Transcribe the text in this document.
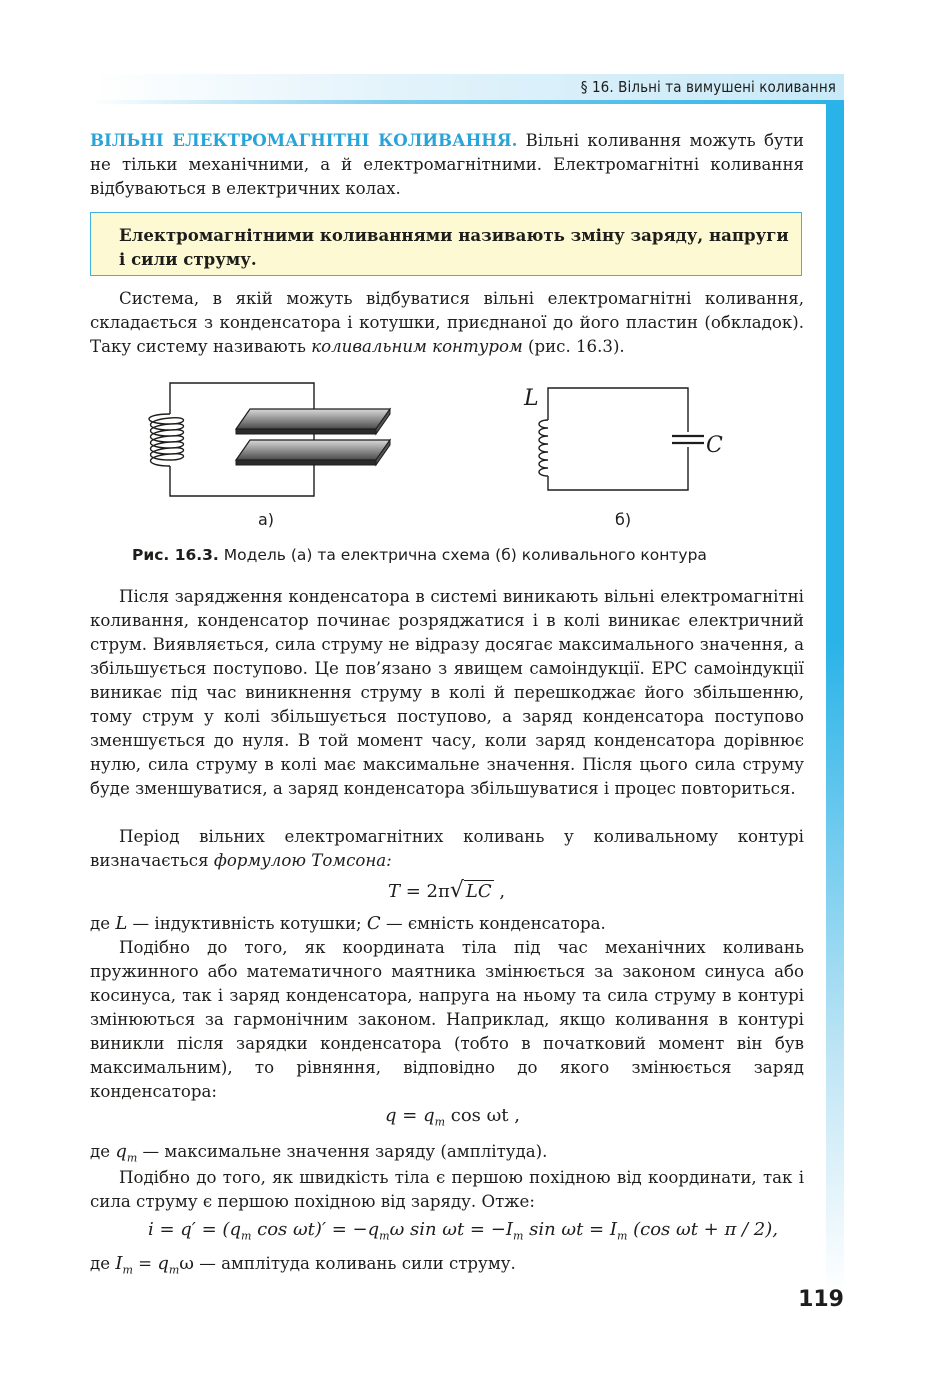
§ 16. Вільні та вимушені коливання
ВІЛЬНІ ЕЛЕКТРОМАГНІТНІ КОЛИВАННЯ. Вільні коливання можуть бути не тільки механічними, а й електромагнітними. Електромагнітні коливання відбуваються в електричних колах.
Електромагнітними коливаннями називають зміну заряду, напруги і сили струму.
Система, в якій можуть відбуватися вільні електромагнітні коливання, складається з конденсатора і котушки, приєднаної до його пластин (обкладок). Таку систему називають коливальним контуром (рис. 16.3).
а)
L
C
б)
Рис. 16.3. Модель (а) та електрична схема (б) коливального контура
Після зарядження конденсатора в системі виникають вільні електромагнітні коливання, конденсатор починає розряджатися і в колі виникає електричний струм. Виявляється, сила струму не відразу досягає максимального значення, а збільшується поступово. Це пов’язано з явищем самоіндукції. ЕРС самоіндукції виникає під час виникнення струму в колі й перешкоджає його збільшенню, тому струм у колі збільшується поступово, а заряд конденсатора поступово зменшується до нуля. В той момент часу, коли заряд конденсатора дорівнює нулю, сила струму в колі має максимальне значення. Після цього сила струму буде зменшуватися, а заряд конденсатора збільшуватися і процес повториться.
Період вільних електромагнітних коливань у коливальному контурі визначається формулою Томсона:
T = 2π√ LC ,
де L — індуктивність котушки; C — ємність конденсатора.
Подібно до того, як координата тіла під час механічних коливань пружинного або математичного маятника змінюється за законом синуса або косинуса, так і заряд конденсатора, напруга на ньому та сила струму в контурі змінюються за гармонічним законом. Наприклад, якщо коливання в контурі виникли після зарядки конденсатора (тобто в початковий момент він був максимальним), то рівняння, відповідно до якого змінюється заряд конденсатора:
$q = q_m$ cos ωt ,
де $q_m$ — максимальне значення заряду (амплітуда).
Подібно до того, як швидкість тіла є першою похідною від координати, так і сила струму є першою похідною від заряду. Отже:
$i = q' = (q_m$ $\cos \omega t)' = -q_m\omega$ $\sin \omega t = -I_m$ $\sin \omega t = I_m$ (cos ωt + π / 2),
де $I_m = q_m\omega$ — амплітуда коливань сили струму.
119
